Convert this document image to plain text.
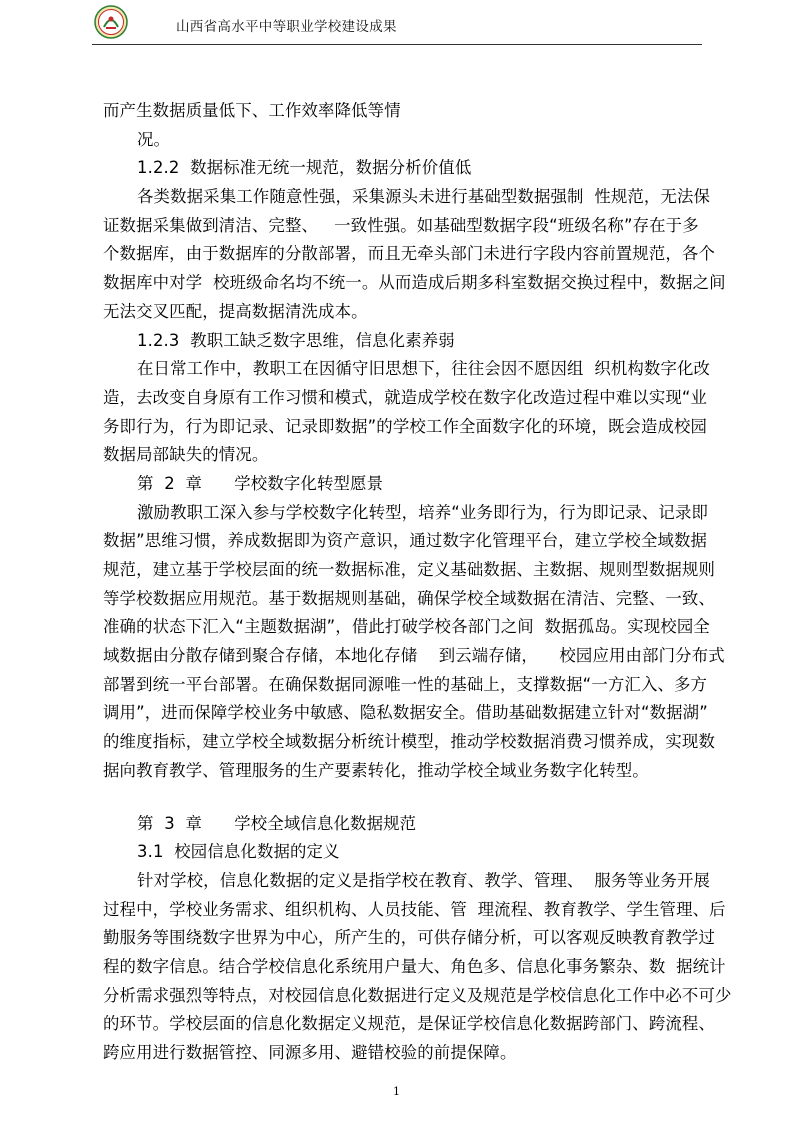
山西省高水平中等职业学校建设成果
而产生数据质量低下、工作效率降低等情
况。
1.2.2  数据标准无统一规范，数据分析价值低
各类数据采集工作随意性强，采集源头未进行基础型数据强制  性规范，无法保
证数据采集做到清洁、完整、   一致性强。如基础型数据字段“班级名称”存在于多
个数据库，由于数据库的分散部署，而且无牵头部门未进行字段内容前置规范，各个
数据库中对学  校班级命名均不统一。从而造成后期多科室数据交换过程中，数据之间
无法交叉匹配，提高数据清洗成本。
1.2.3  教职工缺乏数字思维，信息化素养弱
在日常工作中，教职工在因循守旧思想下，往往会因不愿因组  织机构数字化改
造，去改变自身原有工作习惯和模式，就造成学校在数字化改造过程中难以实现“业
务即行为，行为即记录、记录即数据”的学校工作全面数字化的环境，既会造成校园
数据局部缺失的情况。
第  2  章      学校数字化转型愿景
激励教职工深入参与学校数字化转型，培养“业务即行为，行为即记录、记录即
数据”思维习惯，养成数据即为资产意识，通过数字化管理平台，建立学校全域数据
规范，建立基于学校层面的统一数据标准，定义基础数据、主数据、规则型数据规则
等学校数据应用规范。基于数据规则基础，确保学校全域数据在清洁、完整、一致、
准确的状态下汇入“主题数据湖”，借此打破学校各部门之间  数据孤岛。实现校园全
域数据由分散存储到聚合存储，本地化存储    到云端存储，    校园应用由部门分布式
部署到统一平台部署。在确保数据同源唯一性的基础上，支撑数据“一方汇入、多方
调用”，进而保障学校业务中敏感、隐私数据安全。借助基础数据建立针对“数据湖”
的维度指标，建立学校全域数据分析统计模型，推动学校数据消费习惯养成，实现数
据向教育教学、管理服务的生产要素转化，推动学校全域业务数字化转型。
第  3  章      学校全域信息化数据规范
3.1  校园信息化数据的定义
针对学校，信息化数据的定义是指学校在教育、教学、管理、  服务等业务开展
过程中，学校业务需求、组织机构、人员技能、管  理流程、教育教学、学生管理、后
勤服务等围绕数字世界为中心，所产生的，可供存储分析，可以客观反映教育教学过
程的数字信息。结合学校信息化系统用户量大、角色多、信息化事务繁杂、数  据统计
分析需求强烈等特点，对校园信息化数据进行定义及规范是学校信息化工作中必不可少
的环节。学校层面的信息化数据定义规范，是保证学校信息化数据跨部门、跨流程、
跨应用进行数据管控、同源多用、避错校验的前提保障。
1
